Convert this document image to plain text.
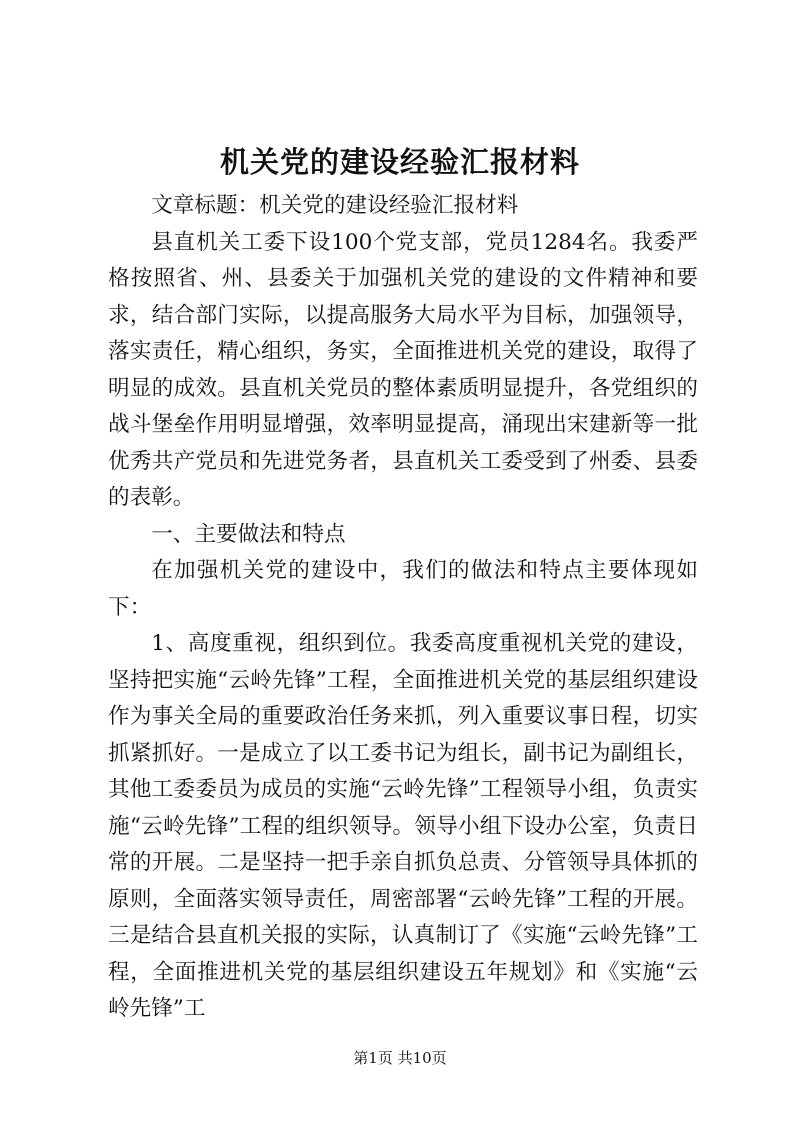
机关党的建设经验汇报材料

文章标题：机关党的建设经验汇报材料

县直机关工委下设100个党支部，党员1284名。我委严格按照省、州、县委关于加强机关党的建设的文件精神和要求，结合部门实际，以提高服务大局水平为目标，加强领导，落实责任，精心组织，务实，全面推进机关党的建设，取得了明显的成效。县直机关党员的整体素质明显提升，各党组织的战斗堡垒作用明显增强，效率明显提高，涌现出宋建新等一批优秀共产党员和先进党务者，县直机关工委受到了州委、县委的表彰。

一、主要做法和特点

在加强机关党的建设中，我们的做法和特点主要体现如下：

1、高度重视，组织到位。我委高度重视机关党的建设，坚持把实施“云岭先锋”工程，全面推进机关党的基层组织建设作为事关全局的重要政治任务来抓，列入重要议事日程，切实抓紧抓好。一是成立了以工委书记为组长，副书记为副组长，其他工委委员为成员的实施“云岭先锋”工程领导小组，负责实施“云岭先锋”工程的组织领导。领导小组下设办公室，负责日常的开展。二是坚持一把手亲自抓负总责、分管领导具体抓的原则，全面落实领导责任，周密部署“云岭先锋”工程的开展。三是结合县直机关报的实际，认真制订了《实施“云岭先锋”工程，全面推进机关党的基层组织建设五年规划》和《实施“云岭先锋”工

第1页 共10页
